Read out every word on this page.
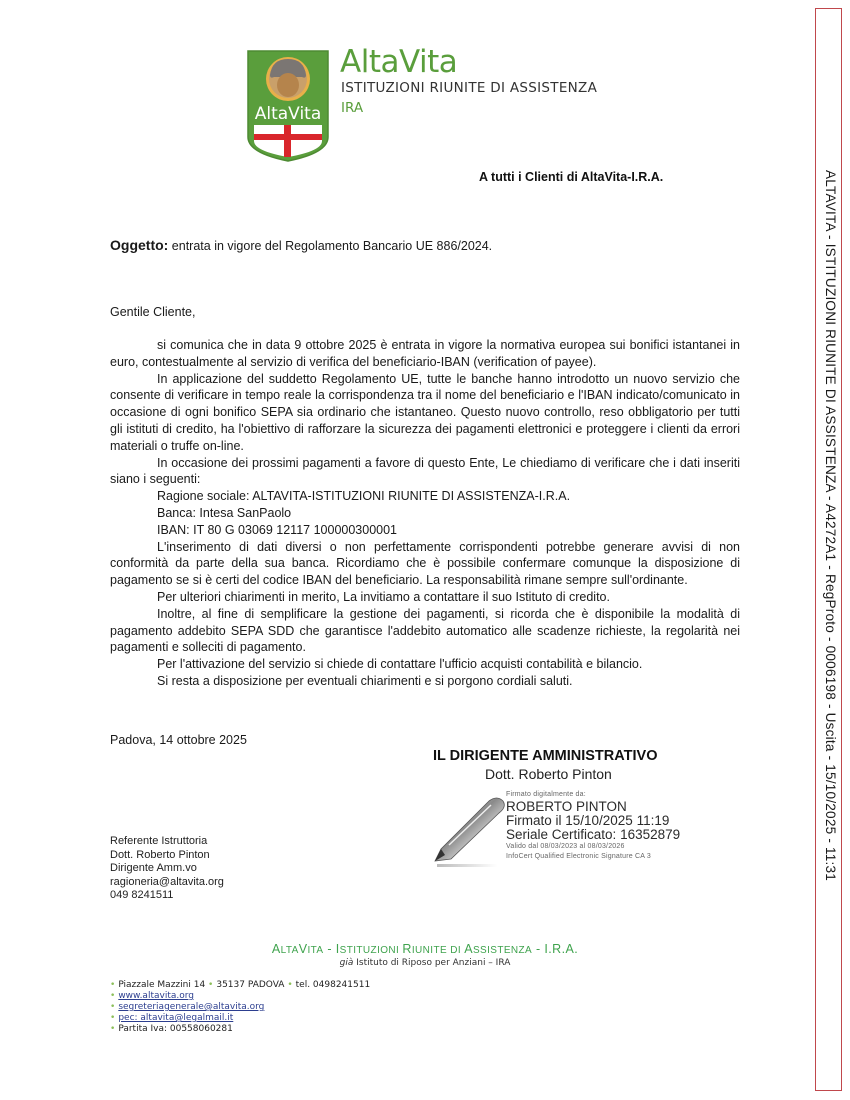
AltaVita
AltaVita
ISTITUZIONI RIUNITE DI ASSISTENZA
IRA
A tutti i Clienti di AltaVita-I.R.A.
Oggetto: entrata in vigore del Regolamento Bancario UE 886/2024.
Gentile Cliente,

si comunica che in data 9 ottobre 2025 è entrata in vigore la normativa europea sui bonifici istantanei in euro, contestualmente al servizio di verifica del beneficiario-IBAN (verification of payee).

In applicazione del suddetto Regolamento UE, tutte le banche hanno introdotto un nuovo servizio che consente di verificare in tempo reale la corrispondenza tra il nome del beneficiario e l'IBAN indicato/comunicato in occasione di ogni bonifico SEPA sia ordinario che istantaneo. Questo nuovo controllo, reso obbligatorio per tutti gli istituti di credito, ha l'obiettivo di rafforzare la sicurezza dei pagamenti elettronici e proteggere i clienti da errori materiali o truffe on-line.

In occasione dei prossimi pagamenti a favore di questo Ente, Le chiediamo di verificare che i dati inseriti siano i seguenti:

Ragione sociale: ALTAVITA-ISTITUZIONI RIUNITE DI ASSISTENZA-I.R.A.

Banca: Intesa SanPaolo

IBAN: IT 80 G 03069 12117 100000300001

L'inserimento di dati diversi o non perfettamente corrispondenti potrebbe generare avvisi di non conformità da parte della sua banca. Ricordiamo che è possibile confermare comunque la disposizione di pagamento se si è certi del codice IBAN del beneficiario. La responsabilità rimane sempre sull'ordinante.

Per ulteriori chiarimenti in merito, La invitiamo a contattare il suo Istituto di credito.

Inoltre, al fine di semplificare la gestione dei pagamenti, si ricorda che è disponibile la modalità di pagamento addebito SEPA SDD che garantisce l'addebito automatico alle scadenze richieste, la regolarità nei pagamenti e solleciti di pagamento.

Per l'attivazione del servizio si chiede di contattare l'ufficio acquisti contabilità e bilancio.

Si resta a disposizione per eventuali chiarimenti e si porgono cordiali saluti.

Padova, 14 ottobre 2025
IL DIRIGENTE AMMINISTRATIVO
Dott. Roberto Pinton
Firmato digitalmente da:
ROBERTO PINTON
Firmato il 15/10/2025 11:19
Seriale Certificato: 16352879
Valido dal 08/03/2023 al 08/03/2026
InfoCert Qualified Electronic Signature CA 3
Referente Istruttoria
Dott. Roberto Pinton
Dirigente Amm.vo
ragioneria@altavita.org
049 8241511
ALTAVITA - ISTITUZIONI RIUNITE DI ASSISTENZA - I.R.A.
già Istituto di Riposo per Anziani – IRA
• Piazzale Mazzini 14 • 35137 PADOVA • tel. 0498241511
• www.altavita.org
• segreteriagenerale@altavita.org
• pec: altavita@legalmail.it
• Partita Iva: 00558060281
ALTAVITA - ISTITUZIONI RIUNITE DI ASSISTENZA - A4272A1 - RegProto - 0006198 - Uscita - 15/10/2025 - 11:31
